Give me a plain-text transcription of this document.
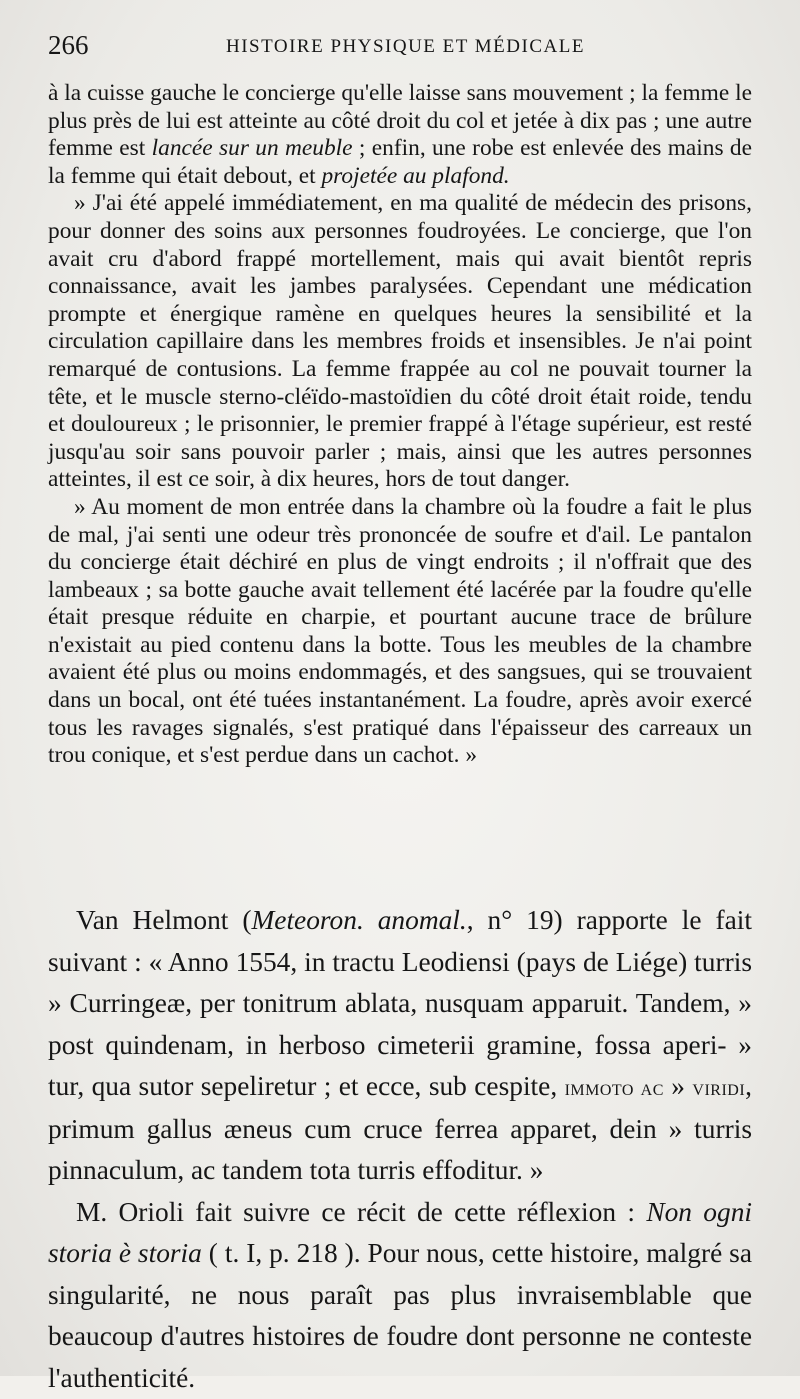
266	HISTOIRE PHYSIQUE ET MÉDICALE

à la cuisse gauche le concierge qu'elle laisse sans mouvement ; la femme le plus près de lui est atteinte au côté droit du col et jetée à dix pas ; une autre femme est lancée sur un meuble ; enfin, une robe est enlevée des mains de la femme qui était debout, et projetée au plafond.

» J'ai été appelé immédiatement, en ma qualité de médecin des prisons, pour donner des soins aux personnes foudroyées. Le concierge, que l'on avait cru d'abord frappé mortellement, mais qui avait bientôt repris connaissance, avait les jambes paralysées. Cependant une médication prompte et énergique ramène en quelques heures la sensibilité et la circulation capillaire dans les membres froids et insensibles. Je n'ai point remarqué de contusions. La femme frappée au col ne pouvait tourner la tête, et le muscle sterno-cléïdo-mastoïdien du côté droit était roide, tendu et douloureux ; le prisonnier, le premier frappé à l'étage supérieur, est resté jusqu'au soir sans pouvoir parler ; mais, ainsi que les autres personnes atteintes, il est ce soir, à dix heures, hors de tout danger.

» Au moment de mon entrée dans la chambre où la foudre a fait le plus de mal, j'ai senti une odeur très prononcée de soufre et d'ail. Le pantalon du concierge était déchiré en plus de vingt endroits ; il n'offrait que des lambeaux ; sa botte gauche avait tellement été lacérée par la foudre qu'elle était presque réduite en charpie, et pourtant aucune trace de brûlure n'existait au pied contenu dans la botte. Tous les meubles de la chambre avaient été plus ou moins endommagés, et des sangsues, qui se trouvaient dans un bocal, ont été tuées instantanément. La foudre, après avoir exercé tous les ravages signalés, s'est pratiqué dans l'épaisseur des carreaux un trou conique, et s'est perdue dans un cachot. »

Van Helmont (Meteoron. anomal., n° 19) rapporte le fait suivant : « Anno 1554, in tractu Leodiensi (pays de Liége) turris » Curringeæ, per tonitrum ablata, nusquam apparuit. Tandem, » post quindenam, in herboso cimeterii gramine, fossa aperi- » tur, qua sutor sepeliretur ; et ecce, sub cespite, immoto ac » viridi, primum gallus æneus cum cruce ferrea apparet, dein » turris pinnaculum, ac tandem tota turris effoditur. »

M. Orioli fait suivre ce récit de cette réflexion : Non ogni storia è storia ( t. I, p. 218 ). Pour nous, cette histoire, malgré sa singularité, ne nous paraît pas plus invraisemblable que beaucoup d'autres histoires de foudre dont personne ne conteste l'authenticité.
